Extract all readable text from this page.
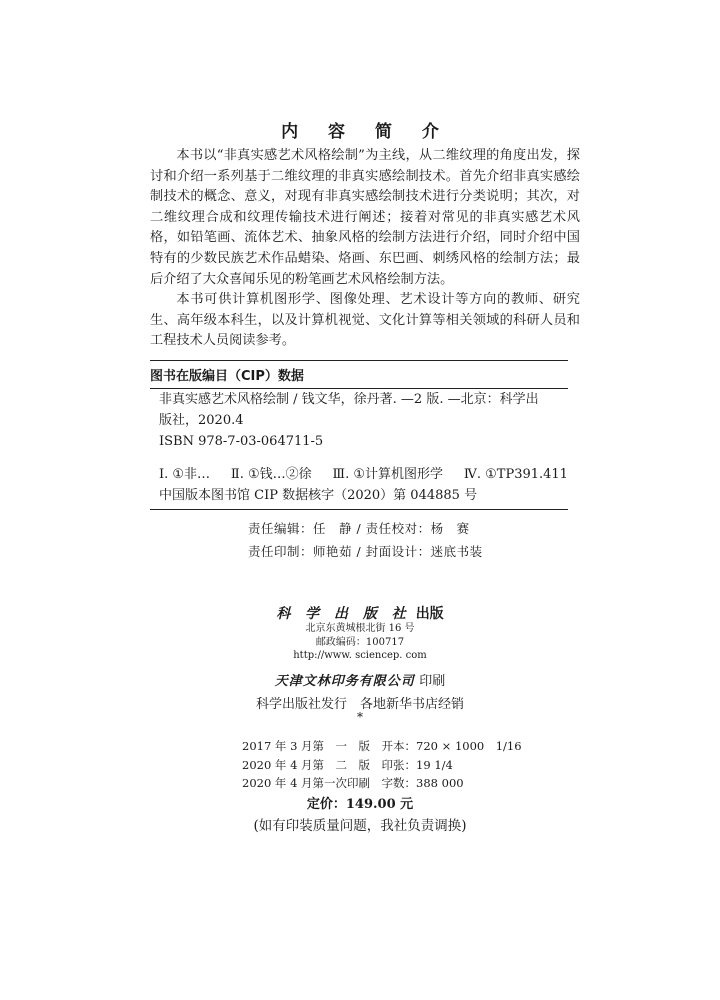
内 容 简 介

本书以“非真实感艺术风格绘制”为主线，从二维纹理的角度出发，探讨和介绍一系列基于二维纹理的非真实感绘制技术。首先介绍非真实感绘制技术的概念、意义，对现有非真实感绘制技术进行分类说明；其次，对二维纹理合成和纹理传输技术进行阐述；接着对常见的非真实感艺术风格，如铅笔画、流体艺术、抽象风格的绘制方法进行介绍，同时介绍中国特有的少数民族艺术作品蜡染、烙画、东巴画、刺绣风格的绘制方法；最后介绍了大众喜闻乐见的粉笔画艺术风格绘制方法。

本书可供计算机图形学、图像处理、艺术设计等方向的教师、研究生、高年级本科生，以及计算机视觉、文化计算等相关领域的科研人员和工程技术人员阅读参考。

图书在版编目（CIP）数据
非真实感艺术风格绘制 / 钱文华，徐丹著. —2 版. —北京：科学出
版社，2020.4
ISBN 978-7-03-064711-5
Ⅰ. ①非… Ⅱ. ①钱…②徐 Ⅲ. ①计算机图形学 Ⅳ. ①TP391.411
中国版本图书馆 CIP 数据核字（2020）第 044885 号
责任编辑：任　静 / 责任校对：杨　赛
责任印制：师艳茹 / 封面设计：迷底书装
科 学 出 版 社 出版
北京东黄城根北街 16 号
邮政编码：100717
http://www. sciencep. com
天津文林印务有限公司 印刷
科学出版社发行　各地新华书店经销
*
2017 年 3 月第　一　版　开本：720 × 1000　1/16
2020 年 4 月第　二　版　印张：19 1/4
2020 年 4 月第一次印刷　字数：388 000
定价：149.00 元
(如有印装质量问题，我社负责调换)
